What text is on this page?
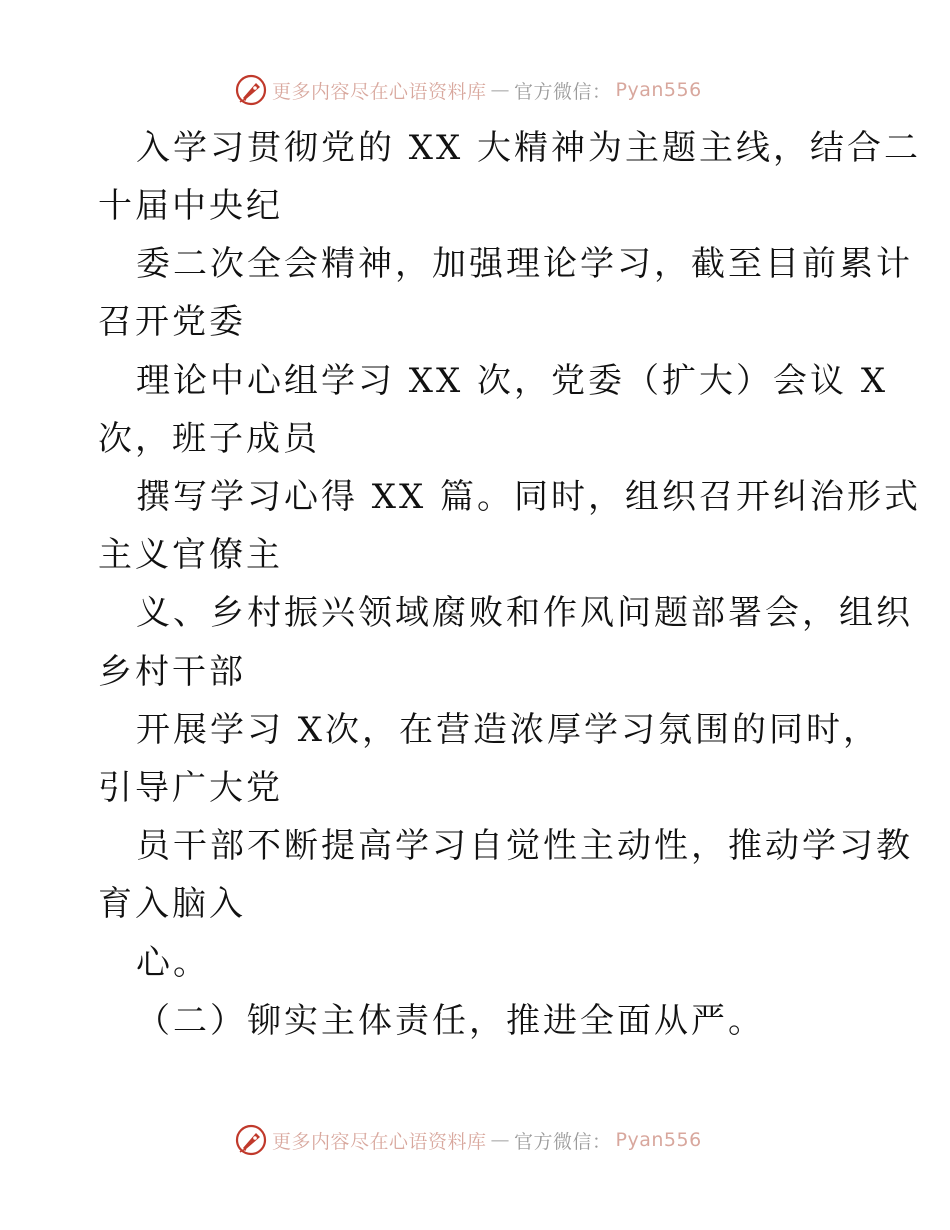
更多内容尽在心语资料库 — 官方微信： Pyan556
入学习贯彻党的 XX 大精神为主题主线，结合二
十届中央纪
委二次全会精神，加强理论学习，截至目前累计
召开党委
理论中心组学习 XX 次，党委（扩大）会议 X
次，班子成员
撰写学习心得 XX 篇。同时，组织召开纠治形式
主义官僚主
义、乡村振兴领域腐败和作风问题部署会，组织
乡村干部
开展学习 X次，在营造浓厚学习氛围的同时，
引导广大党
员干部不断提高学习自觉性主动性，推动学习教
育入脑入
心。
（二）铆实主体责任，推进全面从严。
更多内容尽在心语资料库 — 官方微信： Pyan556
